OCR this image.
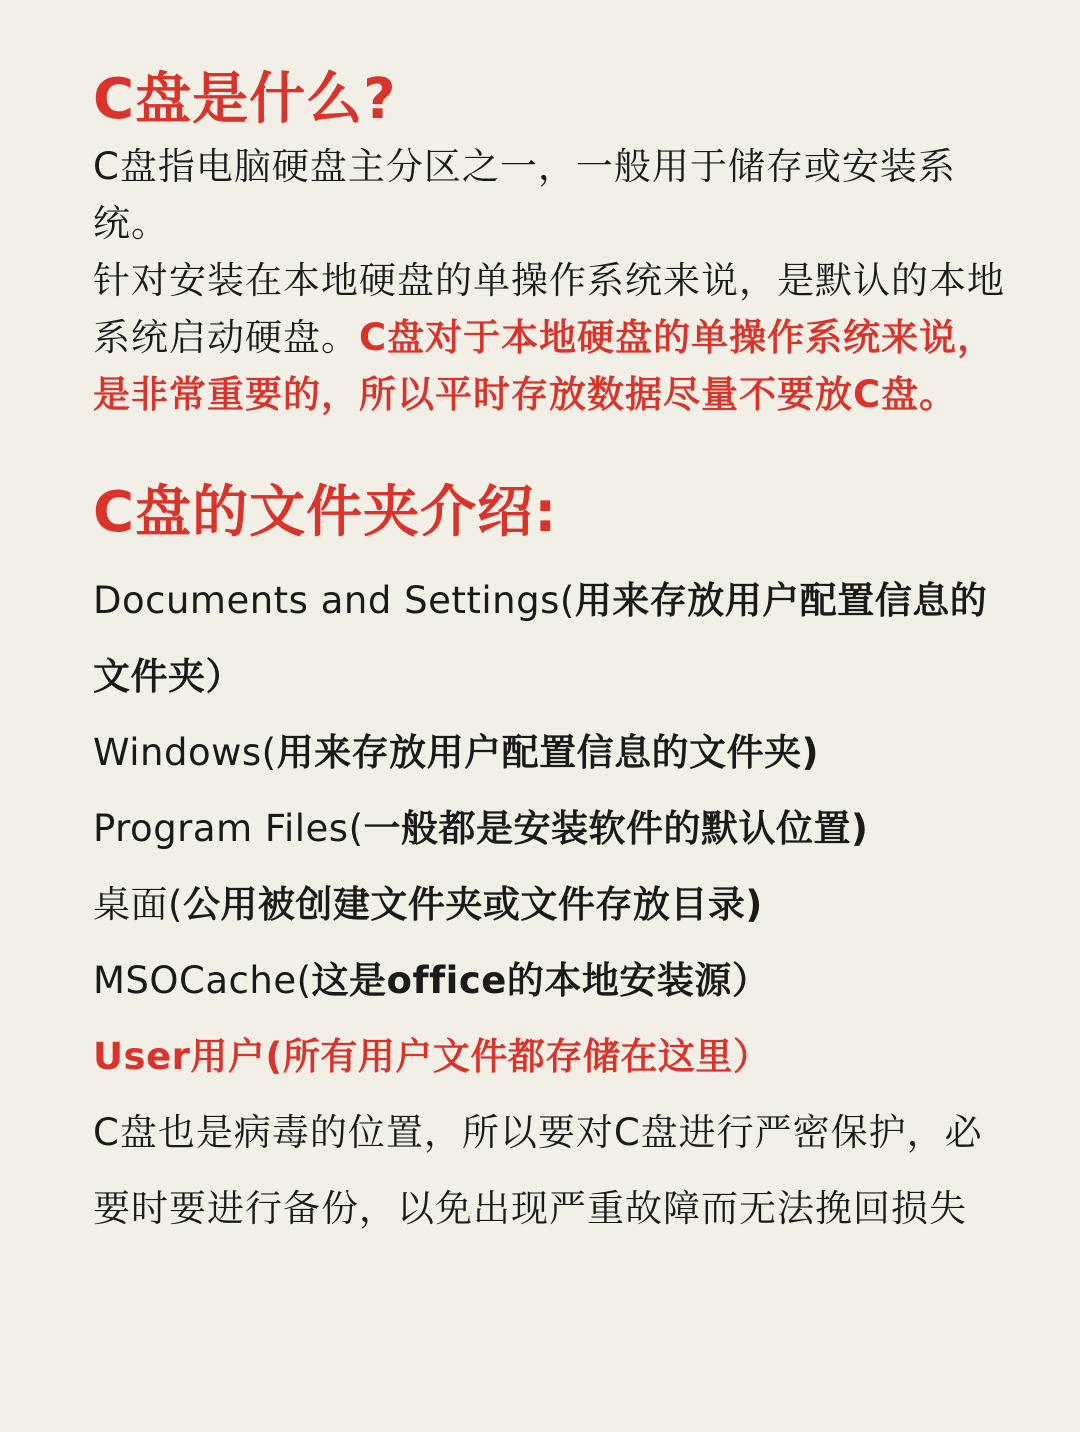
C盘是什么?

C盘指电脑硬盘主分区之一，一般用于储存或安装系统。

针对安装在本地硬盘的单操作系统来说，是默认的本地系统启动硬盘。C盘对于本地硬盘的单操作系统来说，是非常重要的，所以平时存放数据尽量不要放C盘。

C盘的文件夹介绍:

Documents and Settings(用来存放用户配置信息的文件夹）

Windows(用来存放用户配置信息的文件夹)

Program Files(一般都是安装软件的默认位置)

桌面(公用被创建文件夹或文件存放目录)

MSOCache(这是office的本地安装源）

User用户(所有用户文件都存储在这里）

C盘也是病毒的位置，所以要对C盘进行严密保护，必要时要进行备份，以免出现严重故障而无法挽回损失
